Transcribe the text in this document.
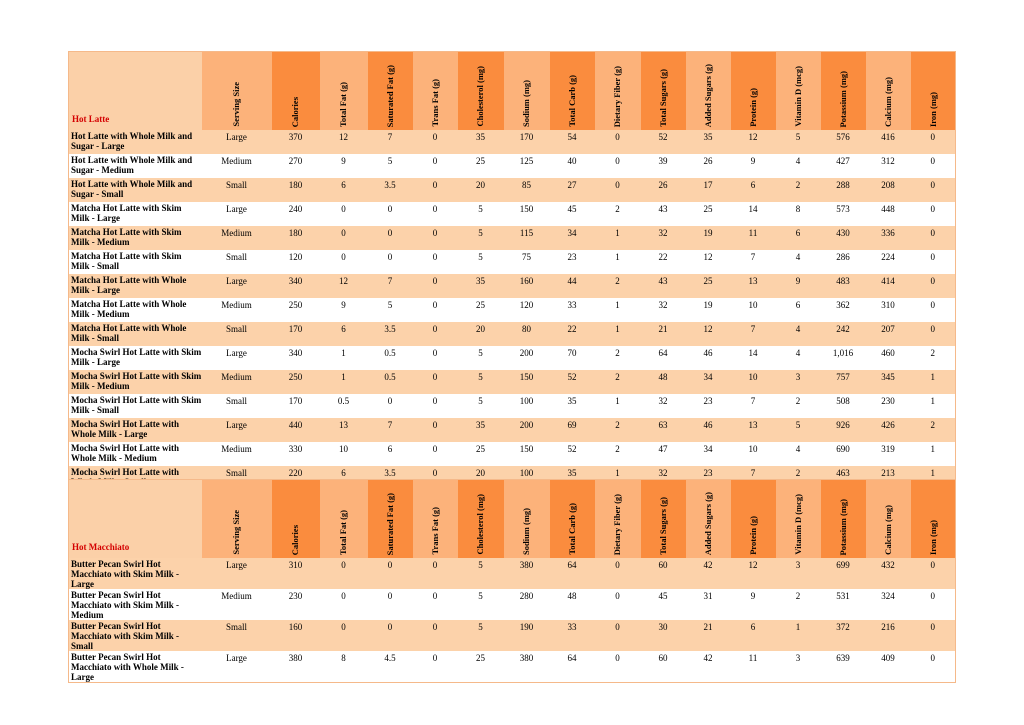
Hot Latte	Serving Size	Calories	Total Fat (g)	Saturated Fat (g)	Trans Fat (g)	Cholesterol (mg)	Sodium (mg)	Total Carb (g)	Dietary Fiber (g)	Total Sugars (g)	Added Sugars (g)	Protein (g)	Vitamin D (mcg)	Potassium (mg)	Calcium (mg)	Iron (mg)

Hot Latte with Whole Milk and Sugar - Large	Large	370	12	7	0	35	170	54	0	52	35	12	5	576	416	0
Hot Latte with Whole Milk and Sugar - Medium	Medium	270	9	5	0	25	125	40	0	39	26	9	4	427	312	0
Hot Latte with Whole Milk and Sugar - Small	Small	180	6	3.5	0	20	85	27	0	26	17	6	2	288	208	0
Matcha Hot Latte with Skim Milk - Large	Large	240	0	0	0	5	150	45	2	43	25	14	8	573	448	0
Matcha Hot Latte with Skim Milk - Medium	Medium	180	0	0	0	5	115	34	1	32	19	11	6	430	336	0
Matcha Hot Latte with Skim Milk - Small	Small	120	0	0	0	5	75	23	1	22	12	7	4	286	224	0
Matcha Hot Latte with Whole Milk - Large	Large	340	12	7	0	35	160	44	2	43	25	13	9	483	414	0
Matcha Hot Latte with Whole Milk - Medium	Medium	250	9	5	0	25	120	33	1	32	19	10	6	362	310	0
Matcha Hot Latte with Whole Milk - Small	Small	170	6	3.5	0	20	80	22	1	21	12	7	4	242	207	0
Mocha Swirl Hot Latte with Skim Milk - Large	Large	340	1	0.5	0	5	200	70	2	64	46	14	4	1,016	460	2
Mocha Swirl Hot Latte with Skim Milk - Medium	Medium	250	1	0.5	0	5	150	52	2	48	34	10	3	757	345	1
Mocha Swirl Hot Latte with Skim Milk - Small	Small	170	0.5	0	0	5	100	35	1	32	23	7	2	508	230	1
Mocha Swirl Hot Latte with Whole Milk - Large	Large	440	13	7	0	35	200	69	2	63	46	13	5	926	426	2
Mocha Swirl Hot Latte with Whole Milk - Medium	Medium	330	10	6	0	25	150	52	2	47	34	10	4	690	319	1
Mocha Swirl Hot Latte with	Small	220	6	3.5	0	20	100	35	1	32	23	7	2	463	213	1
Hot Macchiato	Serving Size	Calories	Total Fat (g)	Saturated Fat (g)	Trans Fat (g)	Cholesterol (mg)	Sodium (mg)	Total Carb (g)	Dietary Fiber (g)	Total Sugars (g)	Added Sugars (g)	Protein (g)	Vitamin D (mcg)	Potassium (mg)	Calcium (mg)	Iron (mg)

Butter Pecan Swirl Hot Macchiato with Skim Milk - Large	Large	310	0	0	0	5	380	64	0	60	42	12	3	699	432	0
Butter Pecan Swirl Hot Macchiato with Skim Milk - Medium	Medium	230	0	0	0	5	280	48	0	45	31	9	2	531	324	0
Butter Pecan Swirl Hot Macchiato with Skim Milk - Small	Small	160	0	0	0	5	190	33	0	30	21	6	1	372	216	0
Butter Pecan Swirl Hot Macchiato with Whole Milk - Large	Large	380	8	4.5	0	25	380	64	0	60	42	11	3	639	409	0
